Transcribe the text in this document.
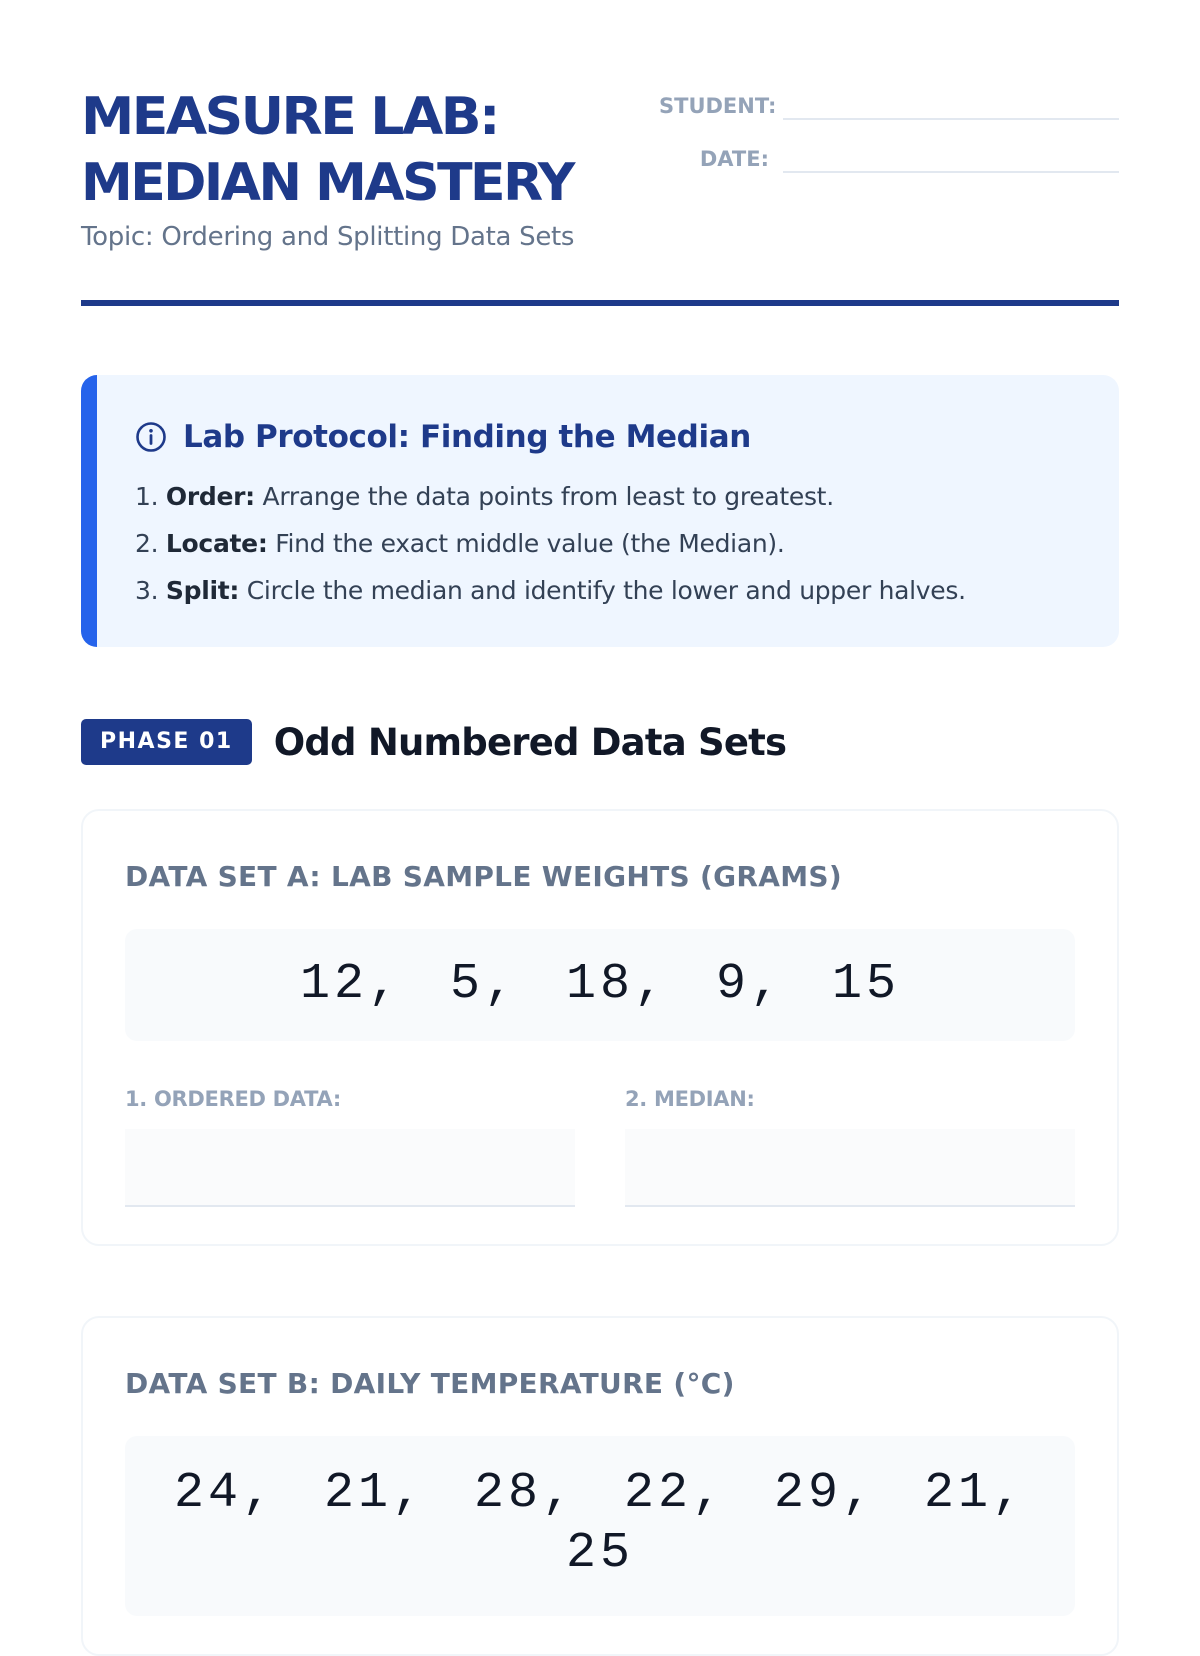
MEASURE LAB:
MEDIAN MASTERY
Topic: Ordering and Splitting Data Sets
STUDENT:
DATE:
Lab Protocol: Finding the Median
1. Order: Arrange the data points from least to greatest.
2. Locate: Find the exact middle value (the Median).
3. Split: Circle the median and identify the lower and upper halves.
PHASE 01	Odd Numbered Data Sets
DATA SET A: LAB SAMPLE WEIGHTS (GRAMS)
12, 5, 18, 9, 15
1. ORDERED DATA:	2. MEDIAN:
DATA SET B: DAILY TEMPERATURE (°C)
24, 21, 28, 22, 29, 21, 25
